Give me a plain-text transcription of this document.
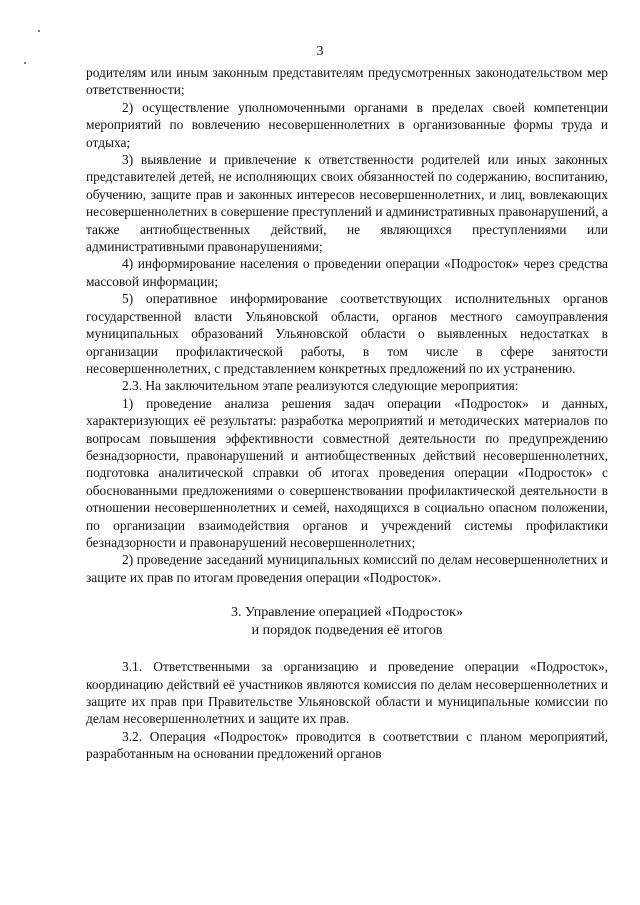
3

родителям или иным законным представителям предусмотренных законодательством мер ответственности;

2) осуществление уполномоченными органами в пределах своей компетенции мероприятий по вовлечению несовершеннолетних в организованные формы труда и отдыха;

3) выявление и привлечение к ответственности родителей или иных законных представителей детей, не исполняющих своих обязанностей по содержанию, воспитанию, обучению, защите прав и законных интересов несовершеннолетних, и лиц, вовлекающих несовершеннолетних в совершение преступлений и административных правонарушений, а также антиобщественных действий, не являющихся преступлениями или административными правонарушениями;

4) информирование населения о проведении операции «Подросток» через средства массовой информации;

5) оперативное информирование соответствующих исполнительных органов государственной власти Ульяновской области, органов местного самоуправления муниципальных образований Ульяновской области о выявленных недостатках в организации профилактической работы, в том числе в сфере занятости несовершеннолетних, с представлением конкретных предложений по их устранению.

2.3. На заключительном этапе реализуются следующие мероприятия:

1) проведение анализа решения задач операции «Подросток» и данных, характеризующих её результаты: разработка мероприятий и методических материалов по вопросам повышения эффективности совместной деятельности по предупреждению безнадзорности, правонарушений и антиобщественных действий несовершеннолетних, подготовка аналитической справки об итогах проведения операции «Подросток» с обоснованными предложениями о совершенствовании профилактической деятельности в отношении несовершеннолетних и семей, находящихся в социально опасном положении, по организации взаимодействия органов и учреждений системы профилактики безнадзорности и правонарушений несовершеннолетних;

2) проведение заседаний муниципальных комиссий по делам несовершеннолетних и защите их прав по итогам проведения операции «Подросток».

3. Управление операцией «Подросток»
и порядок подведения её итогов

3.1. Ответственными за организацию и проведение операции «Подросток», координацию действий её участников являются комиссия по делам несовершеннолетних и защите их прав при Правительстве Ульяновской области и муниципальные комиссии по делам несовершеннолетних и защите их прав.

3.2. Операция «Подросток» проводится в соответствии с планом мероприятий, разработанным на основании предложений органов
